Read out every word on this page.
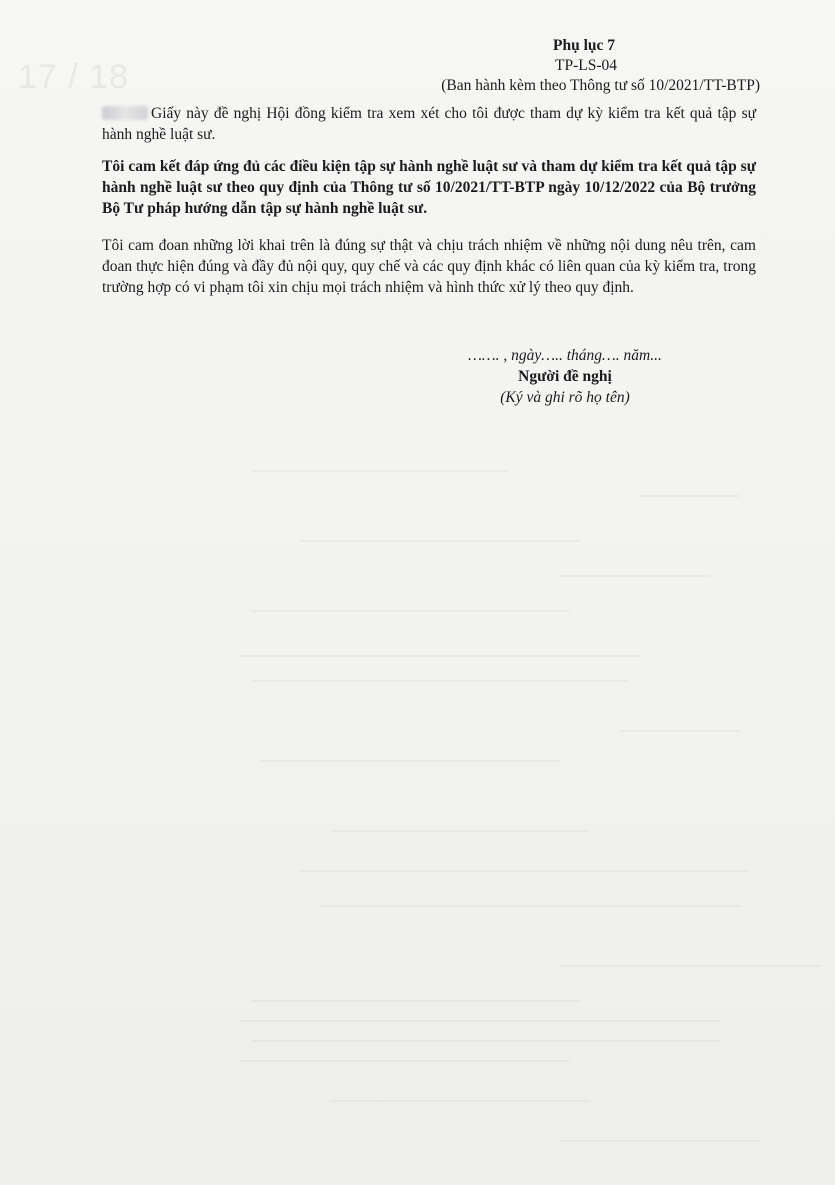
17 / 18
Phụ lục 7
TP-LS-04
(Ban hành kèm theo Thông tư số 10/2021/TT-BTP)

Giấy này đề nghị Hội đồng kiểm tra xem xét cho tôi được tham dự kỳ kiểm tra kết quả tập sự hành nghề luật sư.

Tôi cam kết đáp ứng đủ các điều kiện tập sự hành nghề luật sư và tham dự kiểm tra kết quả tập sự hành nghề luật sư theo quy định của Thông tư số 10/2021/TT-BTP ngày 10/12/2022 của Bộ trưởng Bộ Tư pháp hướng dẫn tập sự hành nghề luật sư.

Tôi cam đoan những lời khai trên là đúng sự thật và chịu trách nhiệm về những nội dung nêu trên, cam đoan thực hiện đúng và đầy đủ nội quy, quy chế và các quy định khác có liên quan của kỳ kiểm tra, trong trường hợp có vi phạm tôi xin chịu mọi trách nhiệm và hình thức xử lý theo quy định.

……. , ngày….. tháng…. năm...
Người đề nghị
(Ký và ghi rõ họ tên)
